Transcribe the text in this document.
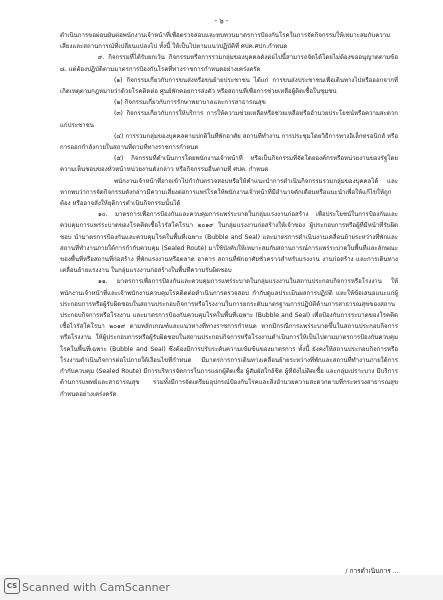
- ๖ -

ดำเนินการขอผ่อนผันต่อพนักงานเจ้าหน้าที่เพื่อตรวจสอบและทบทวนมาตรการป้องกันโรคในการจัดกิจกรรมให้เหมาะสมกับความเสี่ยงและสถานการณ์ที่เปลี่ยนแปลงไป ทั้งนี้ ให้เป็นไปตามแนวปฏิบัติที่ ศปค.ศปก.กำหนด

๙. กิจกรรมที่ได้รับยกเว้น กิจกรรมหรือการรวมกลุ่มของบุคคลดังต่อไปนี้สามารถจัดได้โดยไม่ต้องขออนุญาตตามข้อ ๘. แต่ต้องปฏิบัติตามมาตรการป้องกันโรคที่ทางราชการกำหนดอย่างเคร่งครัด

(๑) กิจกรรมเกี่ยวกับการขนส่งหรือขนย้ายประชาชน ได้แก่ การขนส่งประชาชนเพื่อเดินทางไปหรือออกจากที่เกิดเหตุตามกฎหมายว่าด้วยโรคติดต่อ ศูนย์พักคอยการส่งตัว หรือสถานที่เพื่อการช่วยเหลือผู้ติดเชื้อในชุมชน

(๒) กิจกรรมเกี่ยวกับการรักษาพยาบาลและการสาธารณสุข

(๓) กิจกรรมเกี่ยวกับการให้บริการ การให้ความช่วยเหลือหรือช่วยเหลือหรืออำนวยประโยชน์หรือความสะดวกแก่ประชาชน

(๔) การรวมกลุ่มของบุคคลตามปกติในที่พักอาศัย สถานที่ทำงาน การประชุมโดยวิธีการทางอิเล็กทรอนิกส์ หรือการออกกำลังกายในสถานที่ตามที่ทางราชการกำหนด

(๕) กิจกรรมที่ดำเนินการโดยพนักงานเจ้าหน้าที่ หรือเป็นกิจกรรมที่จัดโดยองค์กรหรือหน่วยงานของรัฐโดยความเห็นชอบของหัวหน้าหน่วยงานดังกล่าว หรือกิจกรรมอื่นตามที่ ศปค. กำหนด

พนักงานเจ้าหน้าที่อาจเข้าไปกำกับตรวจสอบหรือให้คำแนะนำการดำเนินกิจกรรมรวมกลุ่มของบุคคลได้ และหากพบว่าการจัดกิจกรรมดังกล่าวมีความเสี่ยงต่อการแพร่โรคให้พนักงานเจ้าหน้าที่มีอำนาจตักเตือนหรือแนะนำเพื่อให้แก้ไขให้ถูกต้อง หรืออาจสั่งให้ยุติการดำเนินกิจกรรมนั้นได้

๑๐. มาตรการเพื่อการป้องกันและควบคุมการแพร่ระบาดในกลุ่มแรงงานก่อสร้าง เพื่อประโยชน์ในการป้องกันและควบคุมการแพร่ระบาดของโรคติดเชื้อไวรัสโคโรนา ๒๐๑๙ ในกลุ่มแรงงานก่อสร้างให้เจ้าของ ผู้ประกอบการหรือผู้ที่มีหน้าที่รับผิดชอบ นำมาตรการป้องกันและควบคุมโรคในพื้นที่เฉพาะ (Bubble and Seal) และมาตรการดำเนินงานเคลื่อนย้ายระหว่างที่พักและสถานที่ทำงานภายใต้การกำกับควบคุม (Sealed Route) มาใช้บังคับให้เหมาะสมกับสถานการณ์การแพร่ระบาดในพื้นที่และลักษณะของพื้นที่หรือสถานที่ก่อสร้าง ที่พักแรงงานหรือตลาด อาคาร สถานที่พักอาศัยชั่วคราวสำหรับแรงงาน งานก่อสร้าง และการเดินทางเคลื่อนย้ายแรงงาน ในกลุ่มแรงงานก่อสร้างในพื้นที่ความรับผิดชอบ

๑๑. มาตรการเพื่อการป้องกันและควบคุมการแพร่ระบาดในกลุ่มแรงงานในสถานประกอบกิจการหรือโรงงาน ให้พนักงานเจ้าหน้าที่และเจ้าพนักงานควบคุมโรคติดต่อดำเนินการตรวจสอบ กำกับดูแลประเมินผลการปฏิบัติ และให้ข้อเสนอแนะแก่ผู้ประกอบการหรือผู้รับผิดชอบในสถานประกอบกิจการหรือโรงงานในการยกระดับมาตรฐานการปฏิบัติด้านการสาธารณสุขของสถานประกอบกิจการหรือโรงงาน และมาตรการป้องกันควบคุมโรคในพื้นที่เฉพาะ (Bubble and Seal) เพื่อป้องกันการระบาดของโรคติดเชื้อไวรัสโคโรนา ๒๐๑๙ ตามหลักเกณฑ์และแนวทางที่ทางราชการกำหนด หากมีกรณีการแพร่ระบาดขึ้นในสถานประกอบกิจการหรือโรงงาน ให้ผู้ประกอบการหรือผู้รับผิดชอบในสถานประกอบกิจการหรือโรงงานดำเนินการให้เป็นไปตามมาตรการป้องกันควบคุมโรคในพื้นที่เฉพาะ (Bubble and Seal) ซึ่งต้องมีการปรับระดับความเข้มข้นของมาตรการ ทั้งนี้ ยังคงให้สถานประกอบกิจการหรือโรงงานดำเนินกิจการต่อไปภายใต้เงื่อนไขที่กำหนด มีมาตรการการเดินทางเคลื่อนย้ายระหว่างที่พักและสถานที่ทำงานภายใต้การกำกับควบคุม (Sealed Route) มีการบริหารจัดการในการแยกผู้ติดเชื้อ ผู้สัมผัสใกล้ชิด ผู้ที่ยังไม่ติดเชื้อ และกลุ่มเปราะบาง มีบริการด้านการแพทย์และสาธารณสุข รวมทั้งมีการจัดเตรียมอุปกรณ์ป้องกันโรคและสิ่งอำนวยความสะดวกตามที่กระทรวงสาธารณสุขกำหนดอย่างเคร่งครัด

/ การดำเนินการ ...
CS Scanned with CamScanner
